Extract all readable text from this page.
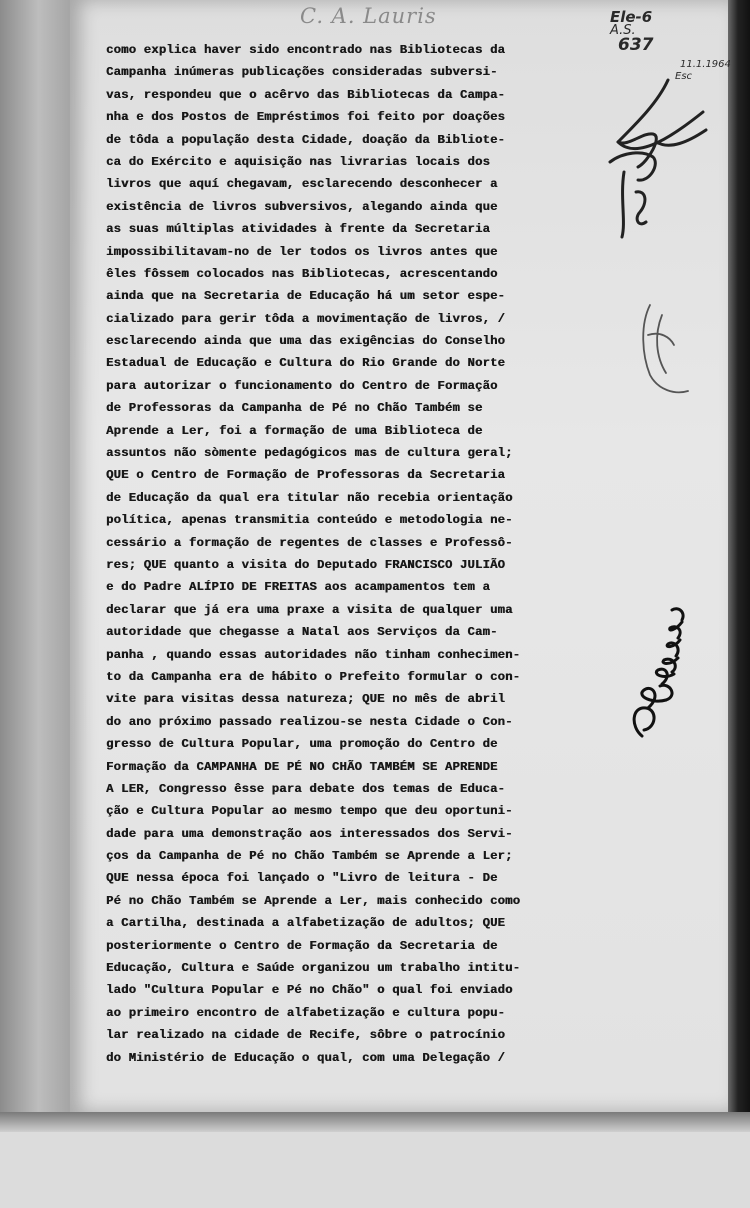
C. A. Lauris	Ele-6
A.S.
637
11.1.1964
Esc
como explica haver sido encontrado nas Bibliotecas da
Campanha inúmeras publicações consideradas subversi-
vas, respondeu que o acêrvo das Bibliotecas da Campa-
nha e dos Postos de Empréstimos foi feito por doações
de tôda a população desta Cidade, doação da Bibliote-
ca do Exército e aquisição nas livrarias locais dos
livros que aquí chegavam, esclarecendo desconhecer a
existência de livros subversivos, alegando ainda que
as suas múltiplas atividades à frente da Secretaria
impossibilitavam-no de ler todos os livros antes que
êles fôssem colocados nas Bibliotecas, acrescentando
ainda que na Secretaria de Educação há um setor espe-
cializado para gerir tôda a movimentação de livros, /
esclarecendo ainda que uma das exigências do Conselho
Estadual de Educação e Cultura do Rio Grande do Norte
para autorizar o funcionamento do Centro de Formação
de Professoras da Campanha de Pé no Chão Também se
Aprende a Ler, foi a formação de uma Biblioteca de
assuntos não sòmente pedagógicos mas de cultura geral;
QUE o Centro de Formação de Professoras da Secretaria
de Educação da qual era titular não recebia orientação
política, apenas transmitia conteúdo e metodologia ne-
cessário a formação de regentes de classes e Professô-
res; QUE quanto a visita do Deputado FRANCISCO JULIÃO
e do Padre ALÍPIO DE FREITAS aos acampamentos tem a
declarar que já era uma praxe a visita de qualquer uma
autoridade que chegasse a Natal aos Serviços da Cam-
panha , quando essas autoridades não tinham conhecimen-
to da Campanha era de hábito o Prefeito formular o con-
vite para visitas dessa natureza; QUE no mês de abril
do ano próximo passado realizou-se nesta Cidade o Con-
gresso de Cultura Popular, uma promoção do Centro de
Formação da CAMPANHA DE PÉ NO CHÃO TAMBÉM SE APRENDE
A LER, Congresso êsse para debate dos temas de Educa-
ção e Cultura Popular ao mesmo tempo que deu oportuni-
dade para uma demonstração aos interessados dos Servi-
ços da Campanha de Pé no Chão Também se Aprende a Ler;
QUE nessa época foi lançado o "Livro de leitura - De
Pé no Chão Também se Aprende a Ler, mais conhecido como
a Cartilha, destinada a alfabetização de adultos; QUE
posteriormente o Centro de Formação da Secretaria de
Educação, Cultura e Saúde organizou um trabalho intitu-
lado "Cultura Popular e Pé no Chão" o qual foi enviado
ao primeiro encontro de alfabetização e cultura popu-
lar realizado na cidade de Recife, sôbre o patrocínio
do Ministério de Educação o qual, com uma Delegação /
